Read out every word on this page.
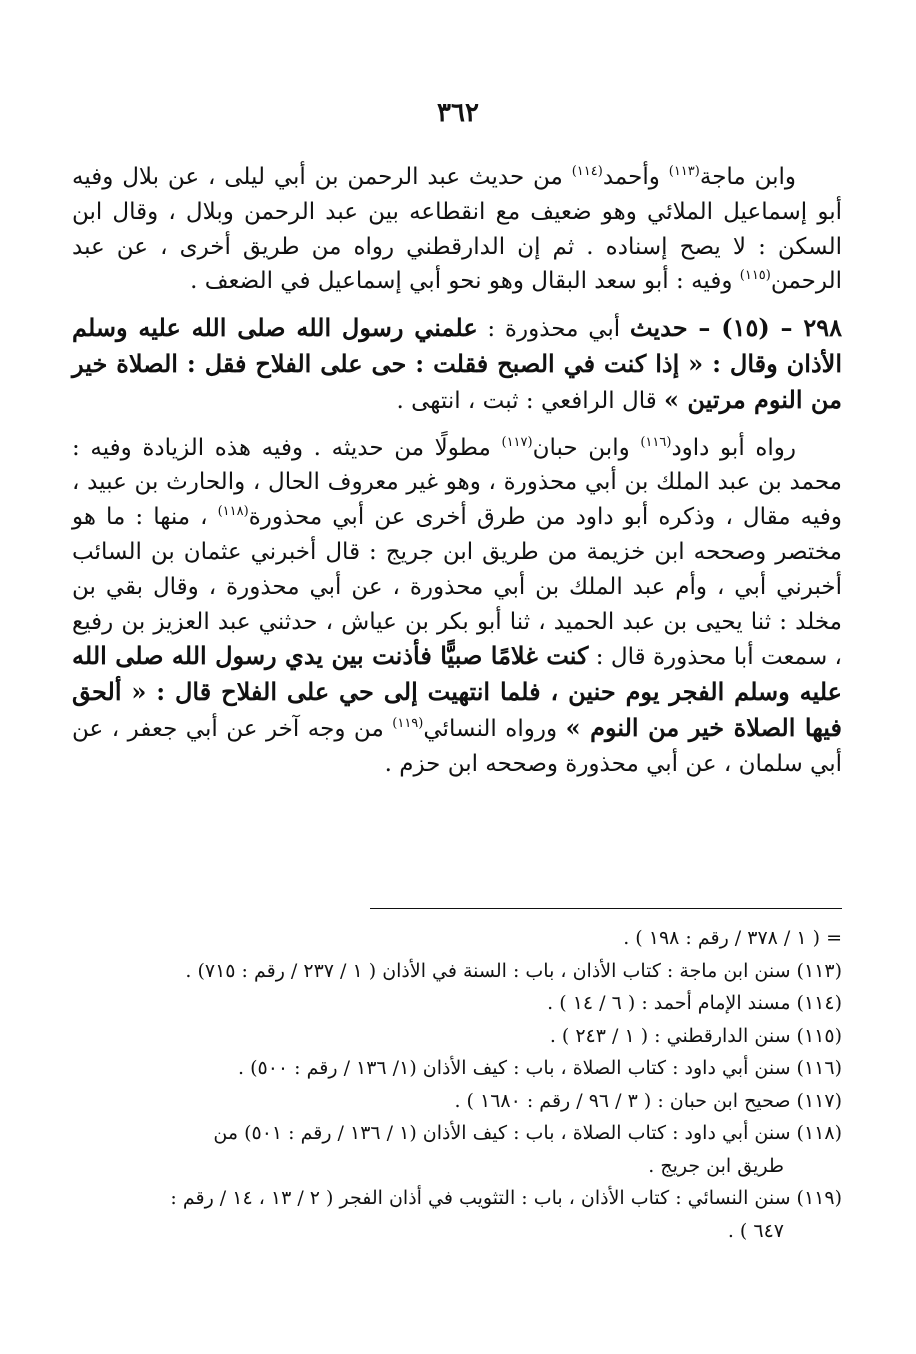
٣٦٢

وابن ماجة$^{(١١٣)}$ وأحمد$^{(١١٤)}$ من حديث عبد الرحمن بن أبي ليلى ، عن بلال وفيه أبو إسماعيل الملائي وهو ضعيف مع انقطاعه بين عبد الرحمن وبلال ، وقال ابن السكن : لا يصح إسناده . ثم إن الدارقطني رواه من طريق أخرى ، عن عبد الرحمن$^{(١١٥)}$ وفيه : أبو سعد البقال وهو نحو أبي إسماعيل في الضعف .

٢٩٨ – (١٥) – حديث أبي محذورة : علمني رسول الله صلى الله عليه وسلم الأذان وقال : « إذا كنت في الصبح فقلت : حى على الفلاح فقل : الصلاة خير من النوم مرتين » قال الرافعي : ثبت ، انتهى .

رواه أبو داود$^{(١١٦)}$ وابن حبان$^{(١١٧)}$ مطولًا من حديثه . وفيه هذه الزيادة وفيه : محمد بن عبد الملك بن أبي محذورة ، وهو غير معروف الحال ، والحارث بن عبيد ، وفيه مقال ، وذكره أبو داود من طرق أخرى عن أبي محذورة$^{(١١٨)}$ ، منها : ما هو مختصر وصححه ابن خزيمة من طريق ابن جريج : قال أخبرني عثمان بن السائب أخبرني أبي ، وأم عبد الملك بن أبي محذورة ، عن أبي محذورة ، وقال بقي بن مخلد : ثنا يحيى بن عبد الحميد ، ثنا أبو بكر بن عياش ، حدثني عبد العزيز بن رفيع ، سمعت أبا محذورة قال : كنت غلامًا صبيًّا فأذنت بين يدي رسول الله صلى الله عليه وسلم الفجر يوم حنين ، فلما انتهيت إلى حي على الفلاح قال : « ألحق فيها الصلاة خير من النوم » ورواه النسائي$^{(١١٩)}$ من وجه آخر عن أبي جعفر ، عن أبي سلمان ، عن أبي محذورة وصححه ابن حزم .

= ( ١ / ٣٧٨ / رقم : ١٩٨ ) .

(١١٣) سنن ابن ماجة : كتاب الأذان ، باب : السنة في الأذان ( ١ / ٢٣٧ / رقم : ٧١٥) .

(١١٤) مسند الإمام أحمد : ( ٦ / ١٤ ) .

(١١٥) سنن الدارقطني : ( ١ / ٢٤٣ ) .

(١١٦) سنن أبي داود : كتاب الصلاة ، باب : كيف الأذان (١/ ١٣٦ / رقم : ٥٠٠) .

(١١٧) صحيح ابن حبان : ( ٣ / ٩٦ / رقم : ١٦٨٠ ) .

(١١٨) سنن أبي داود : كتاب الصلاة ، باب : كيف الأذان (١ / ١٣٦ / رقم : ٥٠١) من

طريق ابن جريج .

(١١٩) سنن النسائي : كتاب الأذان ، باب : التثويب في أذان الفجر ( ٢ / ١٣ ، ١٤ / رقم :

٦٤٧ ) .
